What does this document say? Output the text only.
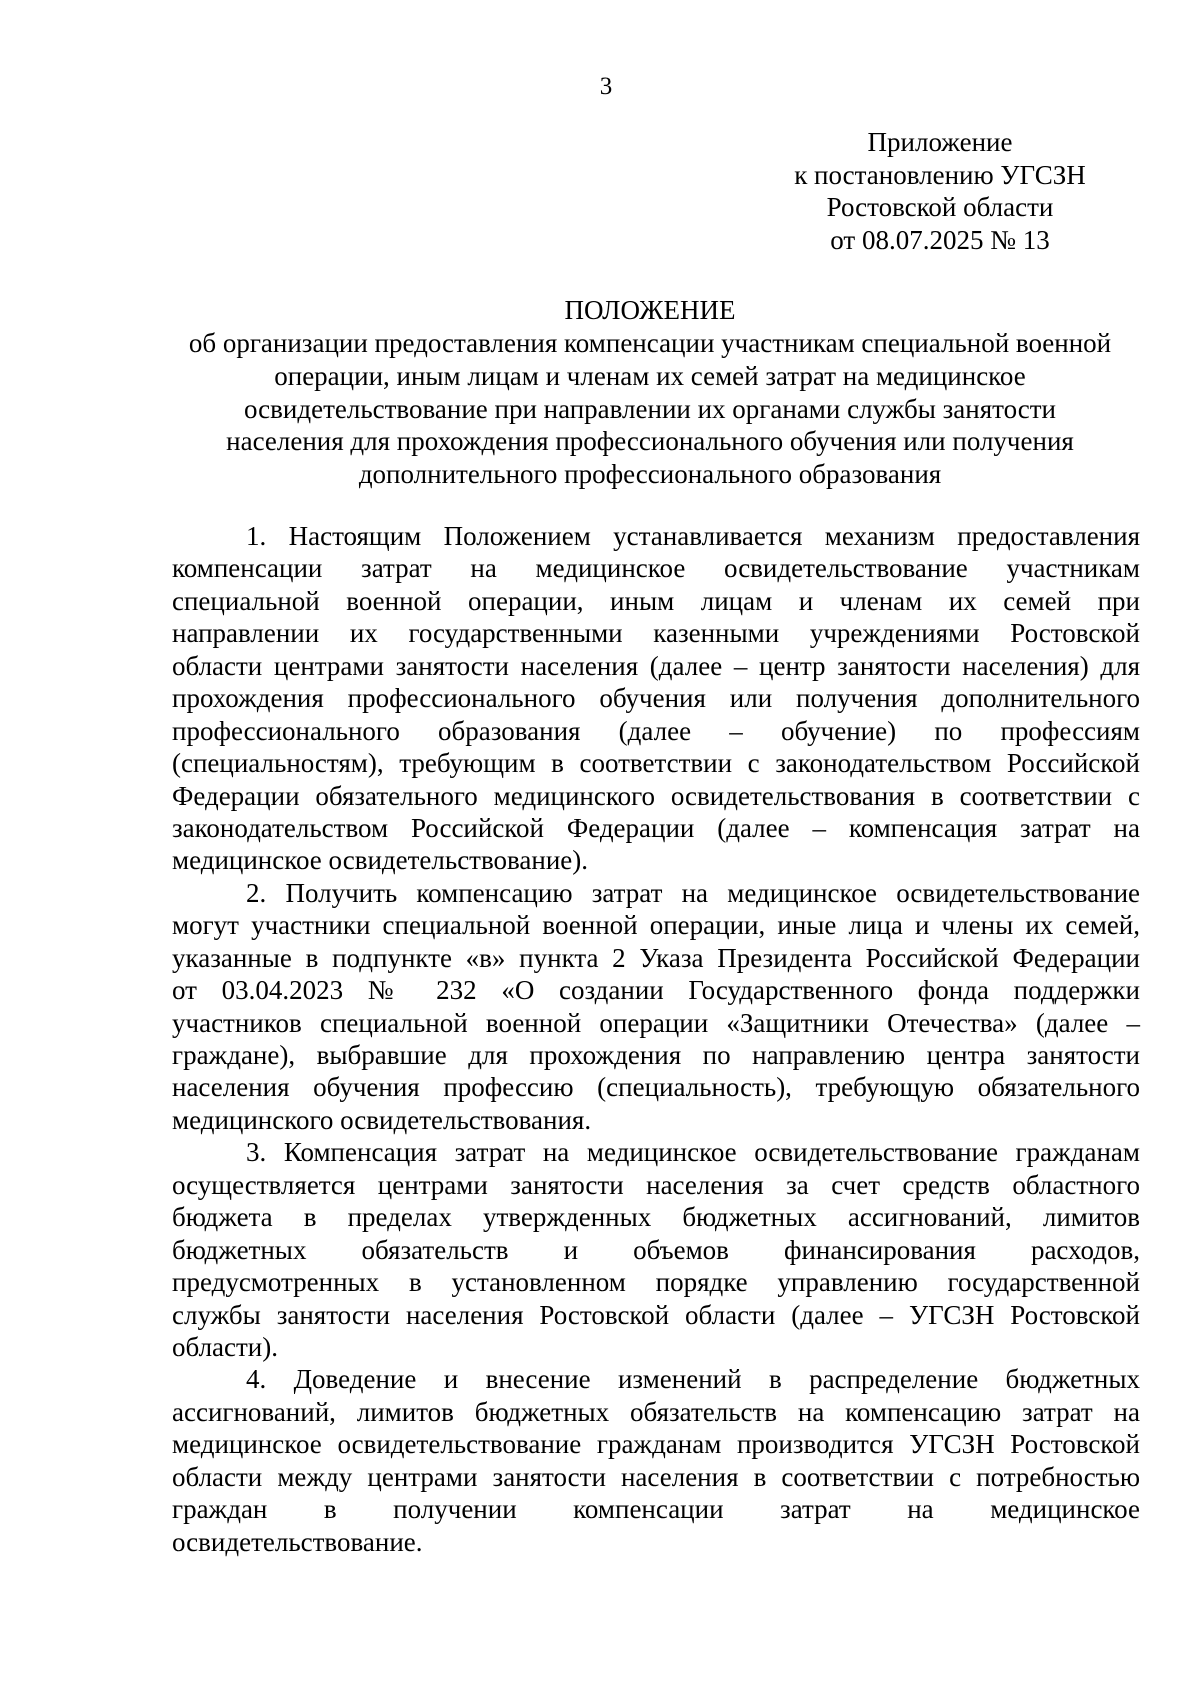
3
Приложение
к постановлению УГСЗН
Ростовской области
от 08.07.2025 № 13
ПОЛОЖЕНИЕ
об организации предоставления компенсации участникам специальной военной
операции, иным лицам и членам их семей затрат на медицинское
освидетельствование при направлении их органами службы занятости
населения для прохождения профессионального обучения или получения
дополнительного профессионального образования
1. Настоящим Положением устанавливается механизм предоставления
компенсации затрат на медицинское освидетельствование участникам
специальной военной операции, иным лицам и членам их семей при
направлении их государственными казенными учреждениями Ростовской
области центрами занятости населения (далее – центр занятости населения) для
прохождения профессионального обучения или получения дополнительного
профессионального образования (далее – обучение) по профессиям
(специальностям), требующим в соответствии с законодательством Российской
Федерации обязательного медицинского освидетельствования в соответствии с
законодательством Российской Федерации (далее – компенсация затрат на
медицинское освидетельствование).
2. Получить компенсацию затрат на медицинское освидетельствование
могут участники специальной военной операции, иные лица и члены их семей,
указанные в подпункте «в» пункта 2 Указа Президента Российской Федерации
от 03.04.2023 № 232 «О создании Государственного фонда поддержки
участников специальной военной операции «Защитники Отечества» (далее –
граждане), выбравшие для прохождения по направлению центра занятости
населения обучения профессию (специальность), требующую обязательного
медицинского освидетельствования.
3. Компенсация затрат на медицинское освидетельствование гражданам
осуществляется центрами занятости населения за счет средств областного
бюджета в пределах утвержденных бюджетных ассигнований, лимитов
бюджетных обязательств и объемов финансирования расходов,
предусмотренных в установленном порядке управлению государственной
службы занятости населения Ростовской области (далее – УГСЗН Ростовской
области).
4. Доведение и внесение изменений в распределение бюджетных
ассигнований, лимитов бюджетных обязательств на компенсацию затрат на
медицинское освидетельствование гражданам производится УГСЗН Ростовской
области между центрами занятости населения в соответствии с потребностью
граждан в получении компенсации затрат на медицинское
освидетельствование.
